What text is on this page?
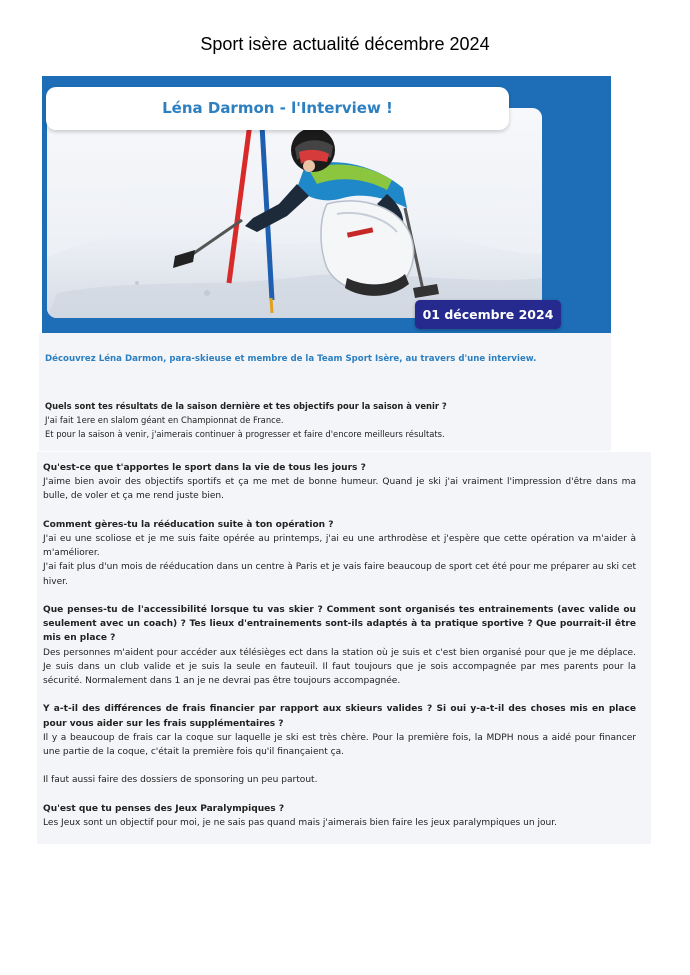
Sport isère actualité décembre 2024
Léna Darmon - l'Interview !
01 décembre 2024
Découvrez Léna Darmon, para-skieuse et membre de la Team Sport Isère, au travers d'une interview.
Quels sont tes résultats de la saison dernière et tes objectifs pour la saison à venir ?
J'ai fait 1ere en slalom géant en Championnat de France.
Et pour la saison à venir, j'aimerais continuer à progresser et faire d'encore meilleurs résultats.

Qu'est-ce que t'apportes le sport dans la vie de tous les jours ?
J'aime bien avoir des objectifs sportifs et ça me met de bonne humeur. Quand je ski j'ai vraiment l'impression d'être dans ma bulle, de voler et ça me rend juste bien.

Comment gères-tu la rééducation suite à ton opération ?
J'ai eu une scoliose et je me suis faite opérée au printemps, j'ai eu une arthrodèse et j'espère que cette opération va m'aider à m'améliorer.
J'ai fait plus d'un mois de rééducation dans un centre à Paris et je vais faire beaucoup de sport cet été pour me préparer au ski cet hiver.

Que penses-tu de l'accessibilité lorsque tu vas skier ? Comment sont organisés tes entrainements (avec valide ou seulement avec un coach) ? Tes lieux d'entrainements sont-ils adaptés à ta pratique sportive ? Que pourrait-il être mis en place ?
Des personnes m'aident pour accéder aux télésièges ect dans la station où je suis et c'est bien organisé pour que je me déplace. Je suis dans un club valide et je suis la seule en fauteuil. Il faut toujours que je sois accompagnée par mes parents pour la sécurité. Normalement dans 1 an je ne devrai pas être toujours accompagnée.

Y a-t-il des différences de frais financier par rapport aux skieurs valides ? Si oui y-a-t-il des choses mis en place pour vous aider sur les frais supplémentaires ?
Il y a beaucoup de frais car la coque sur laquelle je ski est très chère. Pour la première fois, la MDPH nous a aidé pour financer une partie de la coque, c'était la première fois qu'il finançaient ça.

Il faut aussi faire des dossiers de sponsoring un peu partout.

Qu'est que tu penses des Jeux Paralympiques ?
Les Jeux sont un objectif pour moi, je ne sais pas quand mais j'aimerais bien faire les jeux paralympiques un jour.
